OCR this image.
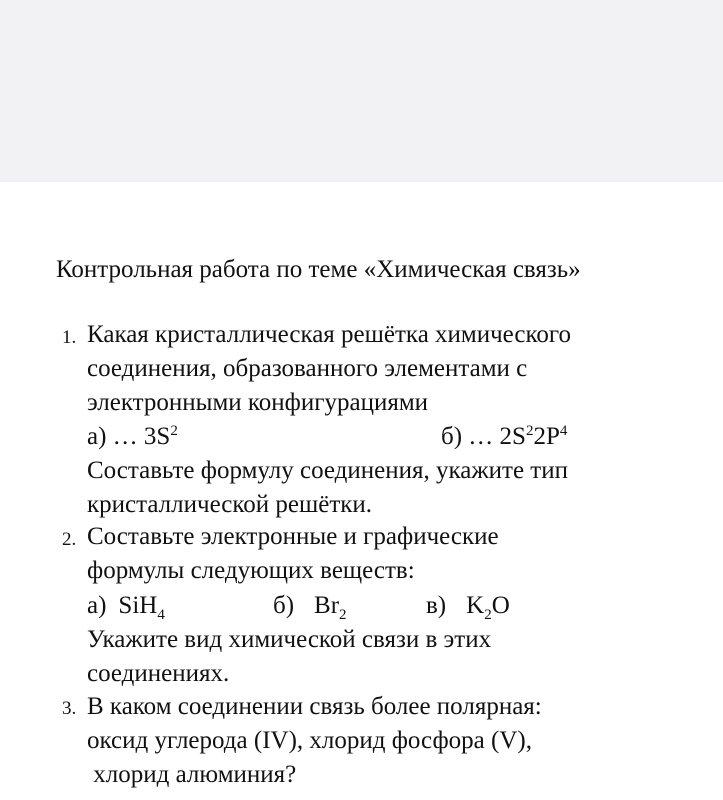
Контрольная работа по теме «Химическая связь»
1. Какая кристаллическая решётка химического
соединения, образованного элементами с
электронными конфигурациями
а) … $3S^2$	б) … $2S^22P^4$
Составьте формулу соединения, укажите тип
кристаллической решётки.
2. Составьте электронные и графические
формулы следующих веществ:
а) SiH$_4$	б) $Br_2$	в) $K_2O$
Укажите вид химической связи в этих
соединениях.
3. В каком соединении связь более полярная:
оксид углерода (IV), хлорид фосфора (V),
хлорид алюминия?
